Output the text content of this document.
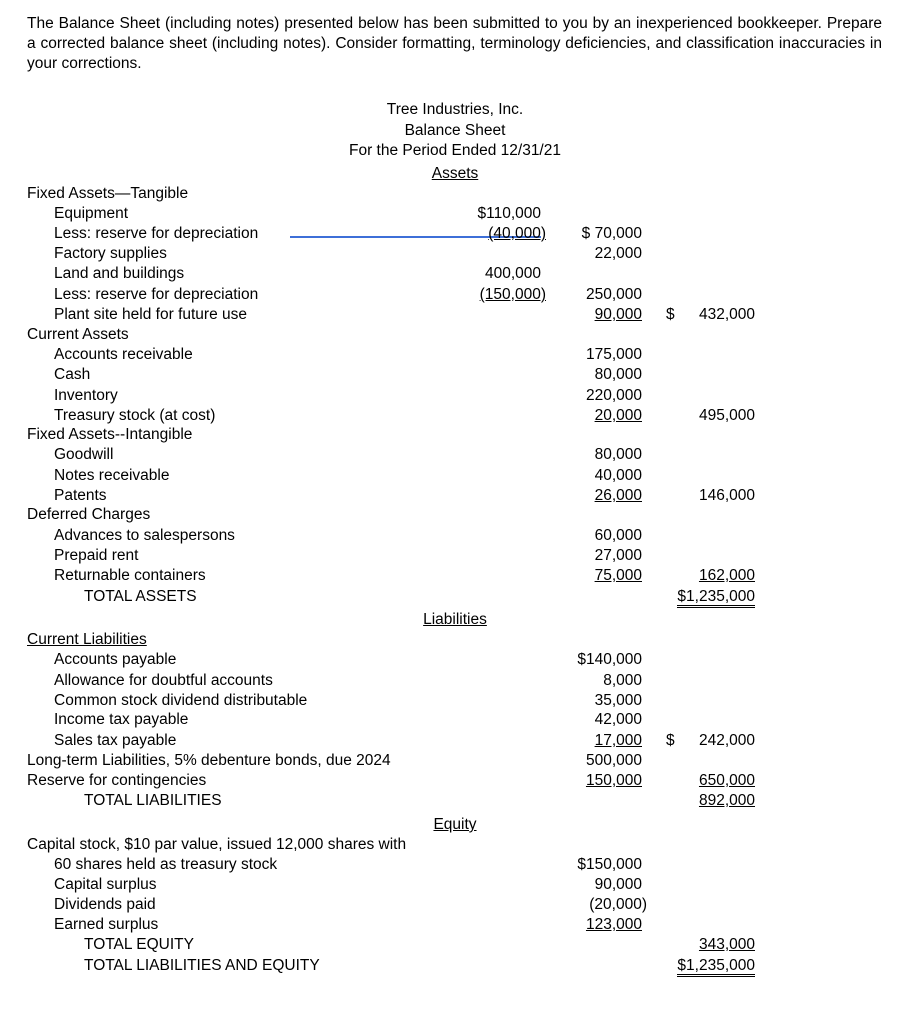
The Balance Sheet (including notes) presented below has been submitted to you by an inexperienced bookkeeper. Prepare a corrected balance sheet (including notes). Consider formatting, terminology deficiencies, and classification inaccuracies in your corrections.

Tree Industries, Inc.
Balance Sheet
For the Period Ended 12/31/21
Assets
Fixed Assets—Tangible
Equipment	$110,000
Less: reserve for depreciation	(40,000) $ 70,000
Factory supplies	22,000
Land and buildings	400,000
Less: reserve for depreciation	(150,000)	250,000
Plant site held for future use	90,000 $ 432,000
Current Assets
Accounts receivable	175,000
Cash	80,000
Inventory	220,000
Treasury stock (at cost)	20,000	495,000
Fixed Assets--Intangible
Goodwill	80,000
Notes receivable	40,000
Patents	26,000	146,000
Deferred Charges
Advances to salespersons	60,000
Prepaid rent	27,000
Returnable containers	75,000	162,000
TOTAL ASSETS	$1,235,000
Liabilities
Current Liabilities
Accounts payable	$140,000
Allowance for doubtful accounts	8,000
Common stock dividend distributable	35,000
Income tax payable	42,000
Sales tax payable	17,000 $ 242,000
Long-term Liabilities, 5% debenture bonds, due 2024	500,000
Reserve for contingencies	150,000	650,000
TOTAL LIABILITIES	892,000
Equity
Capital stock, $10 par value, issued 12,000 shares with
60 shares held as treasury stock	$150,000
Capital surplus	90,000
Dividends paid	(20,000)
Earned surplus	123,000
TOTAL EQUITY	343,000
TOTAL LIABILITIES AND EQUITY	$1,235,000
